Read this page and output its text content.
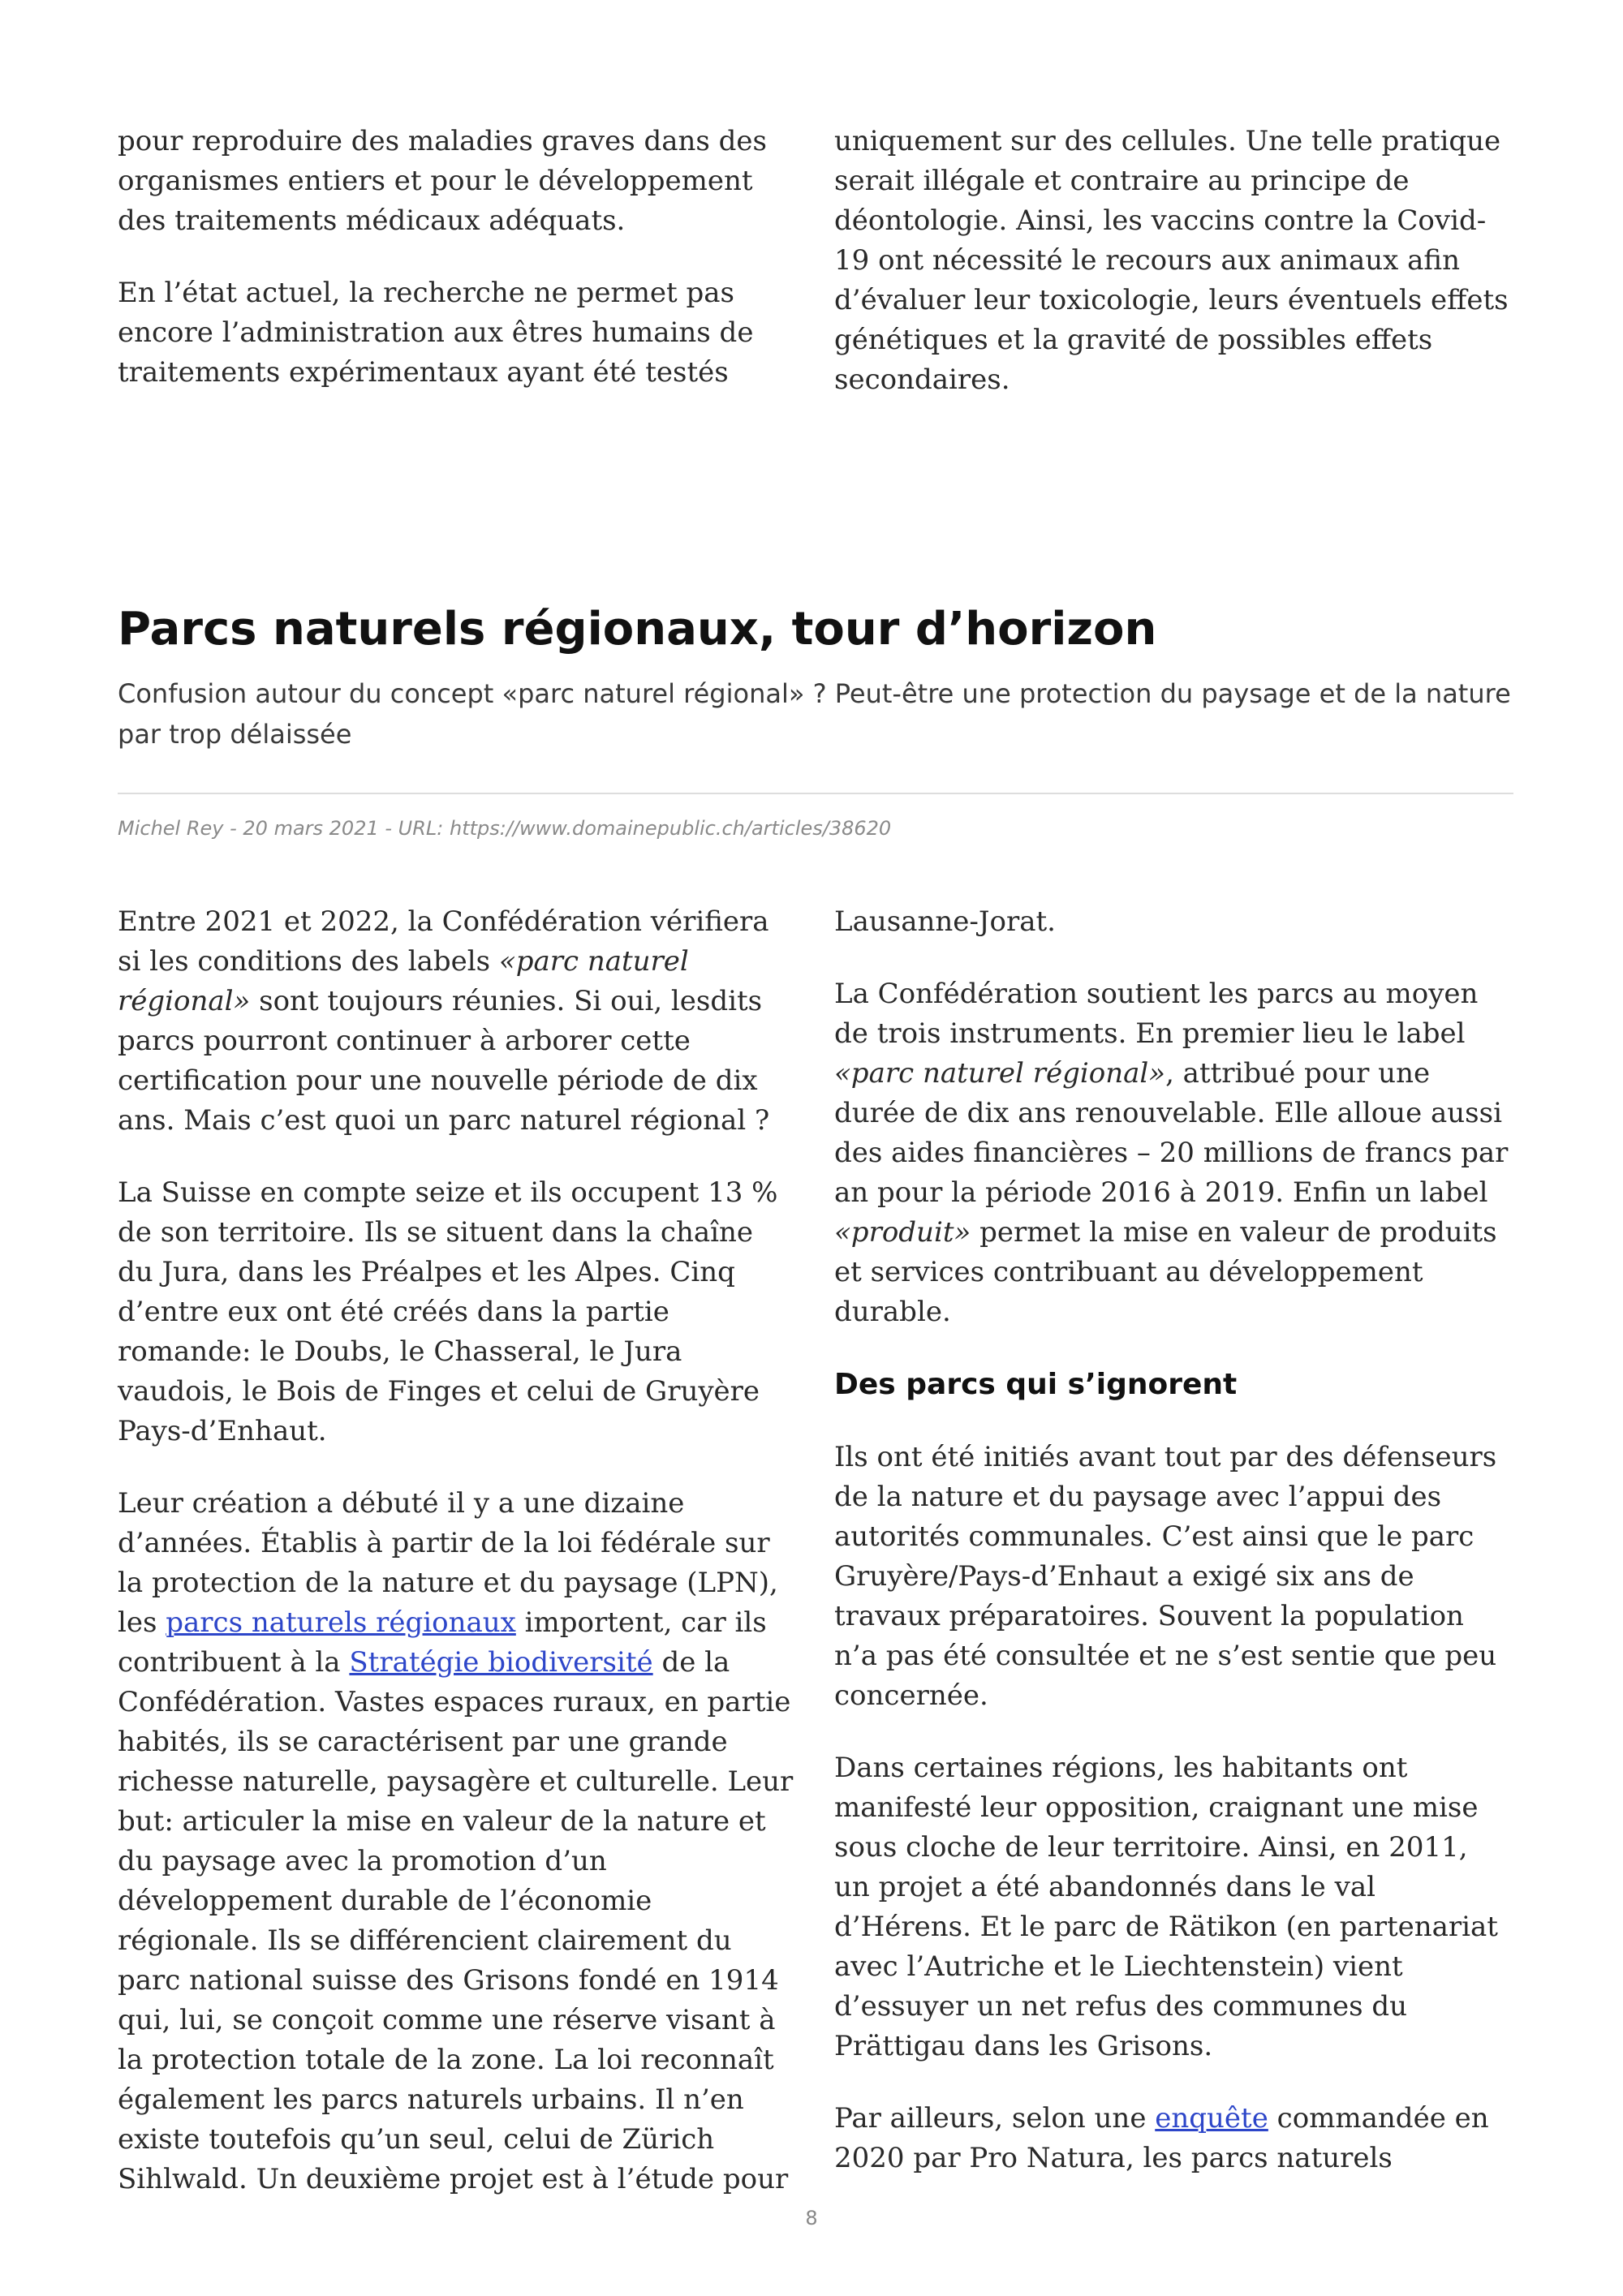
pour reproduire des maladies graves dans des organismes entiers et pour le développement des traitements médicaux adéquats.

En l’état actuel, la recherche ne permet pas encore l’administration aux êtres humains de traitements expérimentaux ayant été testés

uniquement sur des cellules. Une telle pratique serait illégale et contraire au principe de déontologie. Ainsi, les vaccins contre la Covid-19 ont nécessité le recours aux animaux afin d’évaluer leur toxicologie, leurs éventuels effets génétiques et la gravité de possibles effets secondaires.

Parcs naturels régionaux, tour d’horizon

Confusion autour du concept «parc naturel régional» ? Peut-être une protection du paysage et de la nature par trop délaissée

Michel Rey - 20 mars 2021 - URL: https://www.domainepublic.ch/articles/38620

Entre 2021 et 2022, la Confédération vérifiera si les conditions des labels «parc naturel régional» sont toujours réunies. Si oui, lesdits parcs pourront continuer à arborer cette certification pour une nouvelle période de dix ans. Mais c’est quoi un parc naturel régional ?

La Suisse en compte seize et ils occupent 13 % de son territoire. Ils se situent dans la chaîne du Jura, dans les Préalpes et les Alpes. Cinq d’entre eux ont été créés dans la partie romande: le Doubs, le Chasseral, le Jura vaudois, le Bois de Finges et celui de Gruyère Pays-d’Enhaut.

Leur création a débuté il y a une dizaine d’années. Établis à partir de la loi fédérale sur la protection de la nature et du paysage (LPN), les parcs naturels régionaux importent, car ils contribuent à la Stratégie biodiversité de la Confédération. Vastes espaces ruraux, en partie habités, ils se caractérisent par une grande richesse naturelle, paysagère et culturelle. Leur but: articuler la mise en valeur de la nature et du paysage avec la promotion d’un développement durable de l’économie régionale. Ils se différencient clairement du parc national suisse des Grisons fondé en 1914 qui, lui, se conçoit comme une réserve visant à la protection totale de la zone. La loi reconnaît également les parcs naturels urbains. Il n’en existe toutefois qu’un seul, celui de Zürich Sihlwald. Un deuxième projet est à l’étude pour

Lausanne-Jorat.

La Confédération soutient les parcs au moyen de trois instruments. En premier lieu le label «parc naturel régional», attribué pour une durée de dix ans renouvelable. Elle alloue aussi des aides financières – 20 millions de francs par an pour la période 2016 à 2019. Enfin un label «produit» permet la mise en valeur de produits et services contribuant au développement durable.

Des parcs qui s’ignorent

Ils ont été initiés avant tout par des défenseurs de la nature et du paysage avec l’appui des autorités communales. C’est ainsi que le parc Gruyère/Pays-d’Enhaut a exigé six ans de travaux préparatoires. Souvent la population n’a pas été consultée et ne s’est sentie que peu concernée.

Dans certaines régions, les habitants ont manifesté leur opposition, craignant une mise sous cloche de leur territoire. Ainsi, en 2011, un projet a été abandonnés dans le val d’Hérens. Et le parc de Rätikon (en partenariat avec l’Autriche et le Liechtenstein) vient d’essuyer un net refus des communes du Prättigau dans les Grisons.

Par ailleurs, selon une enquête commandée en 2020 par Pro Natura, les parcs naturels

8
